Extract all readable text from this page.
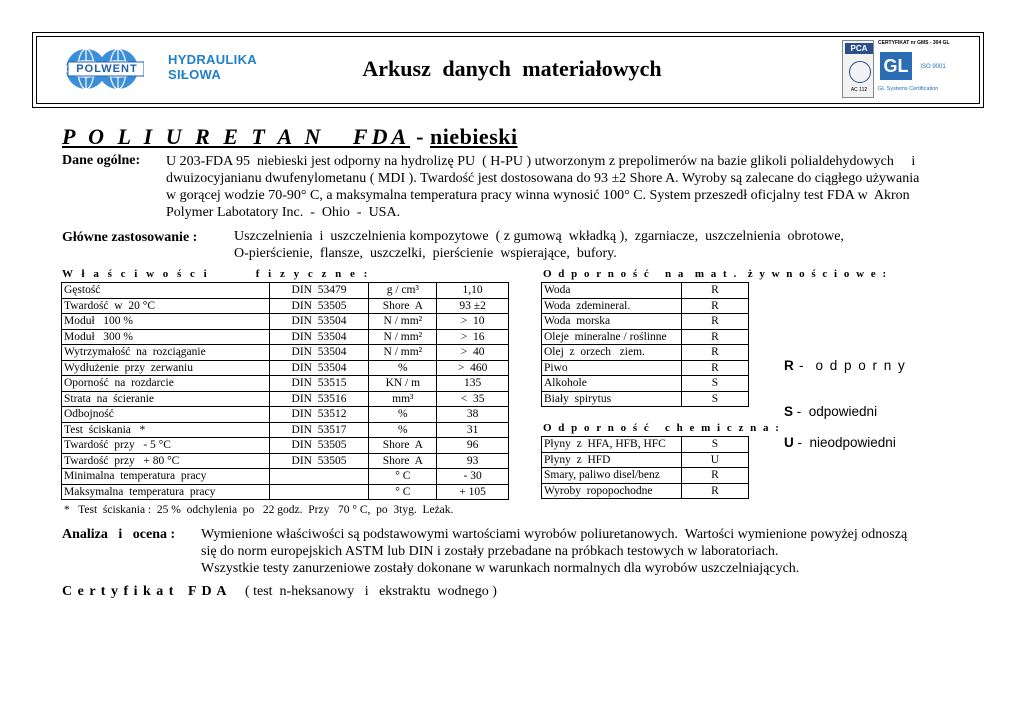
POLWENT
HYDRAULIKA
SIŁOWA	Arkusz danych materiałowych
PCA
AC 112
CERTYFIKAT nr GMS - 304 GL
GL	ISO 9001
GL Systems Certification
P O L I U R E T A N   FDA - niebieski
Dane ogólne: U 203-FDA 95  niebieski jest odporny na hydrolizę PU  ( H-PU ) utworzonym z prepolimerów na bazie glikoli polialdehydowych     i
dwuizocyjanianu dwufenylometanu ( MDI ). Twardość jest dostosowana do 93 ±2 Shore A. Wyroby są zalecane do ciągłego używania
w gorącej wodzie 70-90° C, a maksymalna temperatura pracy winna wynosić 100° C. System przeszedł oficjalny test FDA w  Akron
Polymer Labotatory Inc.  -  Ohio  -  USA.
Główne zastosowanie :	Uszczelnienia  i  uszczelnienia kompozytowe  ( z gumową  wkładką ),  zgarniacze,  uszczelnienia  obrotowe,
O-pierścienie,  flansze,  uszczelki,  pierścienie  wspierające,  bufory.
W ł a ś c i w o ś c i        f i z y c z n e :	O d p o r n o ś ć   n a  m a t .  ż y w n o ś c i o w e :
Gęstość	DIN  53479	g / cm³	1,10
Twardość  w  20 °C	DIN  53505	Shore  A	93 ±2
Moduł   100 %	DIN  53504	N / mm²	>  10
Moduł   300 %	DIN  53504	N / mm²	>  16
Wytrzymałość  na  rozciąganie	DIN  53504	N / mm²	>  40
Wydłużenie  przy  zerwaniu	DIN  53504	%	>  460
Oporność  na  rozdarcie	DIN  53515	KN / m	135
Strata  na  ścieranie	DIN  53516	mm³	<  35
Odbojność	DIN  53512	%	38
Test  ściskania   *	DIN  53517	%	31
Twardość  przy   - 5 °C	DIN  53505	Shore  A	96
Twardość  przy   + 80 °C	DIN  53505	Shore  A	93
Minimalna  temperatura  pracy		° C	- 30
Maksymalna  temperatura  pracy		° C	+ 105
Woda	R
Woda  zdemineral.	R
Woda  morska	R
Oleje  mineralne / roślinne	R
Olej  z  orzech   ziem.	R
Piwo	R
Alkohole	S
Biały  spirytus	S
O d p o r n o ś ć   c h e m i c z n a :
Płyny  z  HFA, HFB, HFC	S
Płyny  z  HFD	U
Smary, paliwo disel/benz	R
Wyroby  ropopochodne	R
R -  o d p o r n y
S -  odpowiedni
U -  nieodpowiedni
*   Test  ściskania :  25 %  odchylenia  po   22 godz.  Przy   70 ° C,  po  3tyg.  Leżak.
Analiza   i   ocena : Wymienione właściwości są podstawowymi wartościami wyrobów poliuretanowych.  Wartości wymienione powyżej odnoszą
się do norm europejskich ASTM lub DIN i zostały przebadane na próbkach testowych w laboratoriach.
Wszystkie testy zanurzeniowe zostały dokonane w warunkach normalnych dla wyrobów uszczelniających.
C e r t y f i k a t   F D A ( test  n-heksanowy   i   ekstraktu  wodnego )
